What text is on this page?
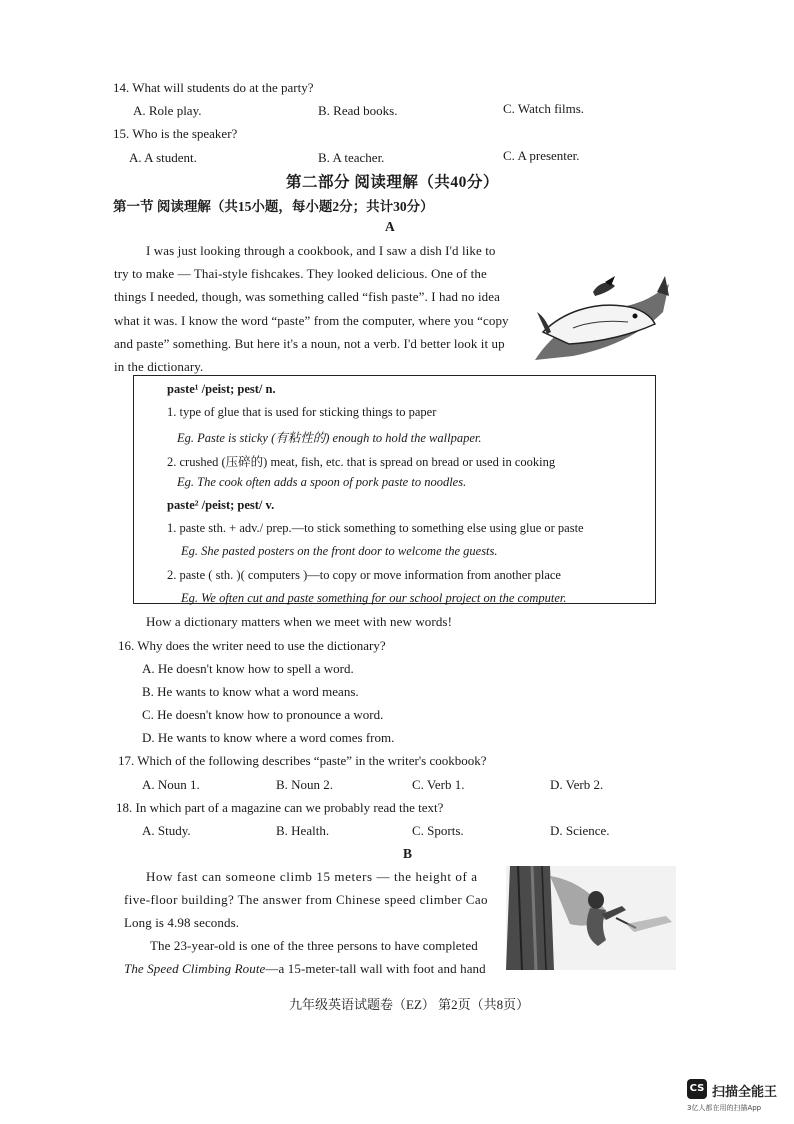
14. What will students do at the party?
A. Role play.	B. Read books.	C. Watch films.
15. Who is the speaker?
A. A student.	B. A teacher.	C. A presenter.
第二部分 阅读理解（共40分）
第一节 阅读理解（共15小题，每小题2分；共计30分）
A
I was just looking through a cookbook, and I saw a dish I'd like to
try to make — Thai-style fishcakes. They looked delicious. One of the
things I needed, though, was something called “fish paste”. I had no idea
what it was. I know the word “paste” from the computer, where you “copy
and paste” something. But here it's a noun, not a verb. I'd better look it up
in the dictionary.
paste¹ /peist; pest/ n.
1. type of glue that is used for sticking things to paper
Eg. Paste is sticky (有粘性的) enough to hold the wallpaper.
2. crushed (压碎的) meat, fish, etc. that is spread on bread or used in cooking
Eg. The cook often adds a spoon of pork paste to noodles.
paste² /peist; pest/ v.
1. paste sth. + adv./ prep.—to stick something to something else using glue or paste
Eg. She pasted posters on the front door to welcome the guests.
2. paste ( sth. )( computers )—to copy or move information from another place
Eg. We often cut and paste something for our school project on the computer.
How a dictionary matters when we meet with new words!
16. Why does the writer need to use the dictionary?
A. He doesn't know how to spell a word.
B. He wants to know what a word means.
C. He doesn't know how to pronounce a word.
D. He wants to know where a word comes from.
17. Which of the following describes “paste” in the writer's cookbook?
A. Noun 1.	B. Noun 2.	C. Verb 1.	D. Verb 2.
18. In which part of a magazine can we probably read the text?
A. Study.	B. Health.	C. Sports.	D. Science.
B
How fast can someone climb 15 meters — the height of a
five-floor building? The answer from Chinese speed climber Cao
Long is 4.98 seconds.
The 23-year-old is one of the three persons to have completed
The Speed Climbing Route—a 15-meter-tall wall with foot and hand
九年级英语试题卷（EZ） 第2页（共8页）
CS 扫描全能王
3亿人都在用的扫描App
